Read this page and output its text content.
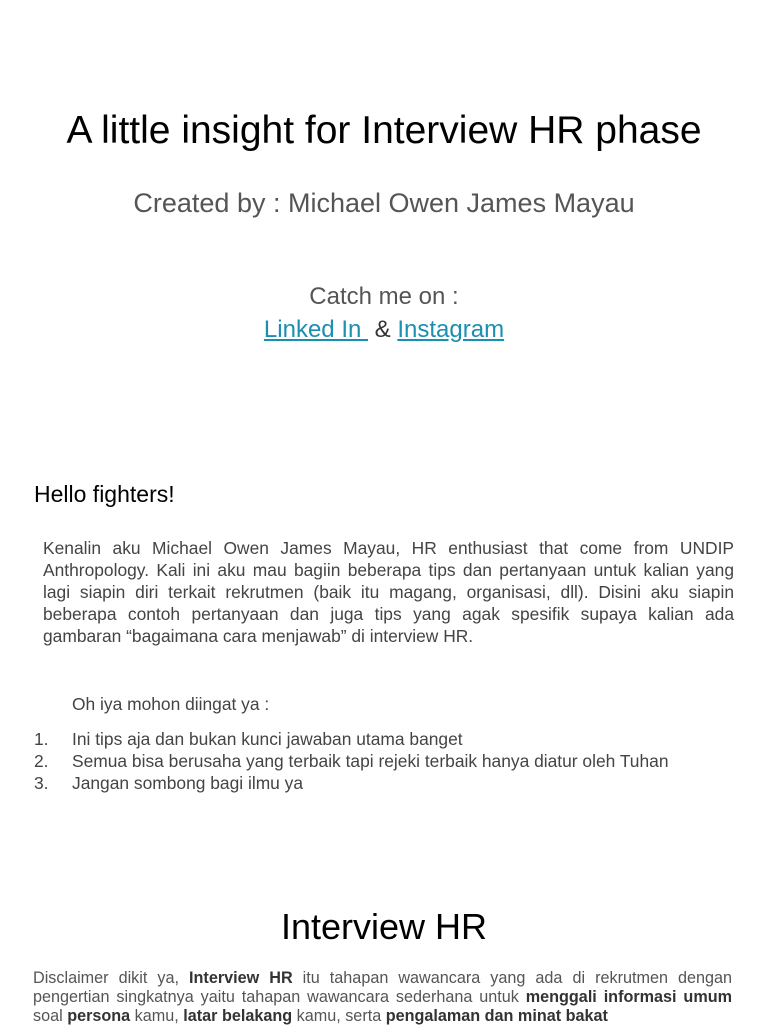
A little insight for Interview HR phase
Created by : Michael Owen James Mayau
Catch me on :
Linked In  & Instagram
Hello fighters!
Kenalin aku Michael Owen James Mayau, HR enthusiast that come from UNDIP Anthropology. Kali ini aku mau bagiin beberapa tips dan pertanyaan untuk kalian yang lagi siapin diri terkait rekrutmen (baik itu magang, organisasi, dll). Disini aku siapin beberapa contoh pertanyaan dan juga tips yang agak spesifik supaya kalian ada gambaran “bagaimana cara menjawab” di interview HR.
Oh iya mohon diingat ya :
1. Ini tips aja dan bukan kunci jawaban utama banget
2. Semua bisa berusaha yang terbaik tapi rejeki terbaik hanya diatur oleh Tuhan
3. Jangan sombong bagi ilmu ya
Interview HR
Disclaimer dikit ya, Interview HR itu tahapan wawancara yang ada di rekrutmen dengan pengertian singkatnya yaitu tahapan wawancara sederhana untuk menggali informasi umum soal persona kamu, latar belakang kamu, serta pengalaman dan minat bakat
